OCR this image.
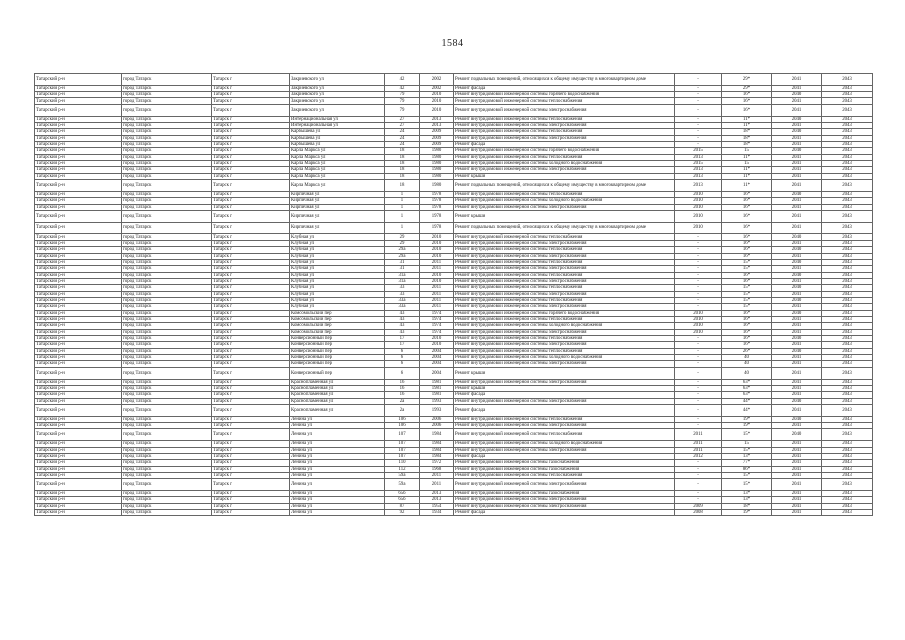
1584
Татарский р-н	город Татарск	Татарск г	Закриевского ул	42	2002	Ремонт подвальных помещений, относящихся к общему имуществу в многоквартирном доме	-	29*	2041	2043
Татарский р-н	город Татарск	Татарск г	Закриевского ул	42	2002	Ремонт фасада	-	29*	2041	2043
Татарский р-н	город Татарск	Татарск г	Закриевского ул	79	2010	Ремонт внутридомовой инженерной системы горячего водоснабжения	-	16*	2040	2043
Татарский р-н	город Татарск	Татарск г	Закриевского ул	79	2010	Ремонт внутридомовой инженерной системы теплоснабжения	-	16*	2041	2043
Татарский р-н	город Татарск	Татарск г	Закриевского ул	79	2010	Ремонт внутридомовой инженерной системы электроснабжения	-	16*	2041	2043
Татарский р-н	город Татарск	Татарск г	Интернациональная ул	27	2013	Ремонт внутридомовой инженерной системы теплоснабжения	-	11*	2040	2043
Татарский р-н	город Татарск	Татарск г	Интернациональная ул	27	2013	Ремонт внутридомовой инженерной системы электроснабжения	-	11*	2041	2043
Татарский р-н	город Татарск	Татарск г	Карбышева ул	24	2009	Ремонт внутридомовой инженерной системы теплоснабжения	-	18*	2040	2043
Татарский р-н	город Татарск	Татарск г	Карбышева ул	24	2009	Ремонт внутридомовой инженерной системы электроснабжения	-	18*	2041	2043
Татарский р-н	город Татарск	Татарск г	Карбышева ул	24	2009	Ремонт фасада	-	18*	2041	2043
Татарский р-н	город Татарск	Татарск г	Карла Маркса ул	18	1980	Ремонт внутридомовой инженерной системы горячего водоснабжения	2015	15	2040	2043
Татарский р-н	город Татарск	Татарск г	Карла Маркса ул	18	1980	Ремонт внутридомовой инженерной системы теплоснабжения	2013	11*	2041	2043
Татарский р-н	город Татарск	Татарск г	Карла Маркса ул	18	1980	Ремонт внутридомовой инженерной системы холодного водоснабжения	2015	15	2041	2043
Татарский р-н	город Татарск	Татарск г	Карла Маркса ул	18	1980	Ремонт внутридомовой инженерной системы электроснабжения	2013	11*	2041	2043
Татарский р-н	город Татарск	Татарск г	Карла Маркса ул	18	1980	Ремонт крыши	2013	11*	2041	2043
Татарский р-н	город Татарск	Татарск г	Карла Маркса ул	18	1980	Ремонт подвальных помещений, относящихся к общему имуществу в многоквартирном доме	2013	11*	2041	2043
Татарский р-н	город Татарск	Татарск г	Кирпичная ул	1	1978	Ремонт внутридомовой инженерной системы теплоснабжения	2010	16*	2040	2043
Татарский р-н	город Татарск	Татарск г	Кирпичная ул	1	1978	Ремонт внутридомовой инженерной системы холодного водоснабжения	2010	16*	2041	2043
Татарский р-н	город Татарск	Татарск г	Кирпичная ул	1	1978	Ремонт внутридомовой инженерной системы электроснабжения	2010	16*	2041	2043
Татарский р-н	город Татарск	Татарск г	Кирпичная ул	1	1978	Ремонт крыши	2010	16*	2041	2043
Татарский р-н	город Татарск	Татарск г	Кирпичная ул	1	1978	Ремонт подвальных помещений, относящихся к общему имуществу в многоквартирном доме	2010	16*	2041	2043
Татарский р-н	город Татарск	Татарск г	Клубная ул	29	2010	Ремонт внутридомовой инженерной системы теплоснабжения	-	16*	2040	2043
Татарский р-н	город Татарск	Татарск г	Клубная ул	29	2010	Ремонт внутридомовой инженерной системы электроснабжения	-	16*	2041	2043
Татарский р-н	город Татарск	Татарск г	Клубная ул	29а	2010	Ремонт внутридомовой инженерной системы теплоснабжения	-	16*	2040	2043
Татарский р-н	город Татарск	Татарск г	Клубная ул	29а	2010	Ремонт внутридомовой инженерной системы электроснабжения	-	16*	2041	2043
Татарский р-н	город Татарск	Татарск г	Клубная ул	31	2011	Ремонт внутридомовой инженерной системы теплоснабжения	-	15*	2040	2043
Татарский р-н	город Татарск	Татарск г	Клубная ул	31	2011	Ремонт внутридомовой инженерной системы электроснабжения	-	15*	2041	2043
Татарский р-н	город Татарск	Татарск г	Клубная ул	31а	2010	Ремонт внутридомовой инженерной системы теплоснабжения	-	16*	2040	2043
Татарский р-н	город Татарск	Татарск г	Клубная ул	31а	2010	Ремонт внутридомовой инженерной системы электроснабжения	-	16*	2041	2043
Татарский р-н	город Татарск	Татарск г	Клубная ул	33	2011	Ремонт внутридомовой инженерной системы теплоснабжения	-	15*	2040	2043
Татарский р-н	город Татарск	Татарск г	Клубная ул	33	2011	Ремонт внутридомовой инженерной системы электроснабжения	-	15*	2041	2043
Татарский р-н	город Татарск	Татарск г	Клубная ул	33а	2011	Ремонт внутридомовой инженерной системы теплоснабжения	-	15*	2040	2043
Татарский р-н	город Татарск	Татарск г	Клубная ул	33а	2011	Ремонт внутридомовой инженерной системы электроснабжения	-	15*	2041	2043
Татарский р-н	город Татарск	Татарск г	Комсомольский пер	43	1974	Ремонт внутридомовой инженерной системы горячего водоснабжения	2010	16*	2040	2043
Татарский р-н	город Татарск	Татарск г	Комсомольский пер	43	1974	Ремонт внутридомовой инженерной системы теплоснабжения	2010	16*	2041	2043
Татарский р-н	город Татарск	Татарск г	Комсомольский пер	43	1974	Ремонт внутридомовой инженерной системы холодного водоснабжения	2010	16*	2041	2043
Татарский р-н	город Татарск	Татарск г	Комсомольский пер	43	1974	Ремонт внутридомовой инженерной системы электроснабжения	2010	16*	2041	2043
Татарский р-н	город Татарск	Татарск г	Конверсионный пер	17	2010	Ремонт внутридомовой инженерной системы теплоснабжения	-	16*	2040	2043
Татарский р-н	город Татарск	Татарск г	Конверсионный пер	17	2010	Ремонт внутридомовой инженерной системы электроснабжения	-	16*	2041	2043
Татарский р-н	город Татарск	Татарск г	Конверсионный пер	6	2004	Ремонт внутридомовой инженерной системы теплоснабжения	-	26*	2040	2043
Татарский р-н	город Татарск	Татарск г	Конверсионный пер	6	2004	Ремонт внутридомовой инженерной системы холодного водоснабжения	-	40	2041	2043
Татарский р-н	город Татарск	Татарск г	Конверсионный пер	6	2004	Ремонт внутридомовой инженерной системы электроснабжения	-	40	2041	2043
Татарский р-н	город Татарск	Татарск г	Конверсионный пер	6	2004	Ремонт крыши	-	40	2041	2043
Татарский р-н	город Татарск	Татарск г	Краснопламенная ул	16	1981	Ремонт внутридомовой инженерной системы электроснабжения	-	63*	2041	2043
Татарский р-н	город Татарск	Татарск г	Краснопламенная ул	16	1981	Ремонт крыши	-	63*	2041	2043
Татарский р-н	город Татарск	Татарск г	Краснопламенная ул	16	1981	Ремонт фасада	-	63*	2041	2043
Татарский р-н	город Татарск	Татарск г	Краснопламенная ул	2а	1993	Ремонт внутридомовой инженерной системы электроснабжения	-	44*	2040	2043
Татарский р-н	город Татарск	Татарск г	Краснопламенная ул	2а	1993	Ремонт фасада	-	44*	2041	2043
Татарский р-н	город Татарск	Татарск г	Ленина ул	106	2006	Ремонт внутридомовой инженерной системы теплоснабжения	-	19*	2040	2043
Татарский р-н	город Татарск	Татарск г	Ленина ул	106	2006	Ремонт внутридомовой инженерной системы электроснабжения	-	19*	2041	2043
Татарский р-н	город Татарск	Татарск г	Ленина ул	107	1984	Ремонт внутридомовой инженерной системы теплоснабжения	2011	15*	2040	2043
Татарский р-н	город Татарск	Татарск г	Ленина ул	107	1984	Ремонт внутридомовой инженерной системы холодного водоснабжения	2011	15	2041	2043
Татарский р-н	город Татарск	Татарск г	Ленина ул	107	1984	Ремонт внутридомовой инженерной системы электроснабжения	2011	15*	2041	2043
Татарский р-н	город Татарск	Татарск г	Ленина ул	107	1984	Ремонт фасада	2012	13*	2041	2043
Татарский р-н	город Татарск	Татарск г	Ленина ул	110	1972	Ремонт внутридомовой инженерной системы газоснабжения	-	77*	2041	2043
Татарский р-н	город Татарск	Татарск г	Ленина ул	112	1968	Ремонт внутридомовой инженерной системы газоснабжения	-	86*	2041	2043
Татарский р-н	город Татарск	Татарск г	Ленина ул	59а	2011	Ремонт внутридомовой инженерной системы теплоснабжения	-	15*	2041	2043
Татарский р-н	город Татарск	Татарск г	Ленина ул	59а	2011	Ремонт внутридомовой инженерной системы электроснабжения	-	15*	2041	2043
Татарский р-н	город Татарск	Татарск г	Ленина ул	65б	2013	Ремонт внутридомовой инженерной системы газоснабжения	-	13*	2041	2043
Татарский р-н	город Татарск	Татарск г	Ленина ул	65б	2013	Ремонт внутридомовой инженерной системы электроснабжения	-	13*	2041	2043
Татарский р-н	город Татарск	Татарск г	Ленина ул	87	1954	Ремонт внутридомовой инженерной системы электроснабжения	2009	18*	2041	2043
Татарский р-н	город Татарск	Татарск г	Ленина ул	92	1934	Ремонт фасада	2008	19*	2041	2043
